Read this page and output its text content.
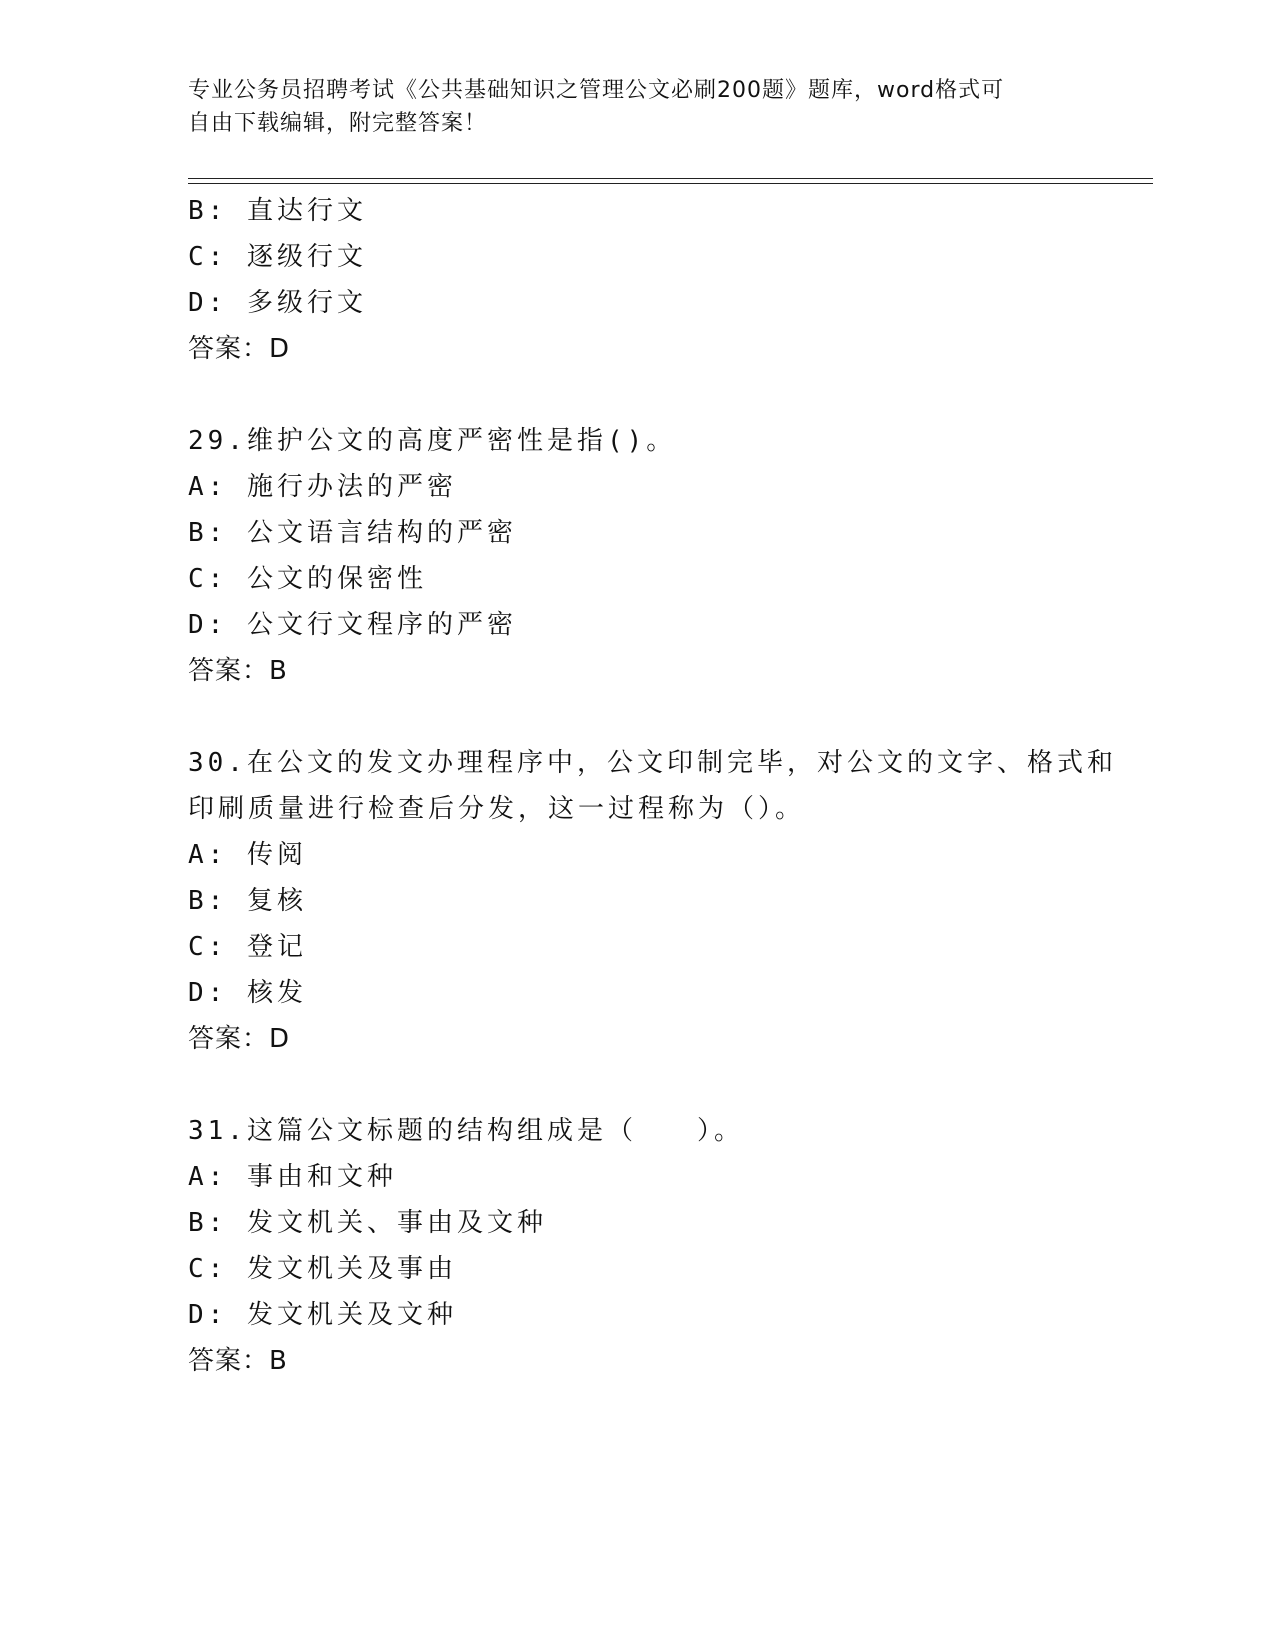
专业公务员招聘考试《公共基础知识之管理公文必刷200题》题库，word格式可
自由下载编辑，附完整答案！
B: 直达行文
C: 逐级行文
D: 多级行文
答案：D
29.维护公文的高度严密性是指()。
A: 施行办法的严密
B: 公文语言结构的严密
C: 公文的保密性
D: 公文行文程序的严密
答案：B
30.在公文的发文办理程序中，公文印制完毕，对公文的文字、格式和
印刷质量进行检查后分发，这一过程称为（）。
A: 传阅
B: 复核
C: 登记
D: 核发
答案：D
31.这篇公文标题的结构组成是（　　）。
A: 事由和文种
B: 发文机关、事由及文种
C: 发文机关及事由
D: 发文机关及文种
答案：B
